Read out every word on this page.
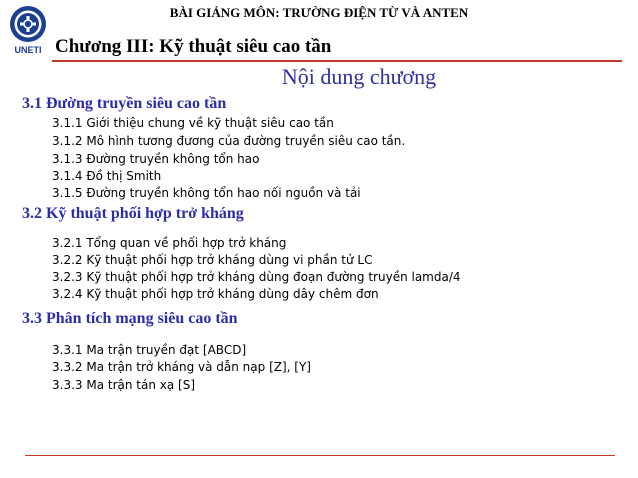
UNETI
BÀI GIẢNG MÔN: TRƯỜNG ĐIỆN TỪ VÀ ANTEN
Chương III: Kỹ thuật siêu cao tần
Nội dung chương
3.1 Đường truyền siêu cao tần
3.1.1 Giới thiệu chung về kỹ thuật siêu cao tần
3.1.2 Mô hình tương đương của đường truyền siêu cao tần.
3.1.3 Đường truyền không tổn hao
3.1.4 Đồ thị Smith
3.1.5 Đường truyền không tổn hao nối nguồn và tải
3.2 Kỹ thuật phối hợp trở kháng
3.2.1 Tổng quan về phối hợp trở kháng
3.2.2 Kỹ thuật phối hợp trở kháng dùng vi phần tử LC
3.2.3 Kỹ thuật phối hợp trở kháng dùng đoạn đường truyền lamda/4
3.2.4 Kỹ thuật phối hợp trở kháng dùng dây chêm đơn
3.3 Phân tích mạng siêu cao tần
3.3.1 Ma trận truyền đạt [ABCD]
3.3.2 Ma trận trở kháng và dẫn nạp [Z], [Y]
3.3.3 Ma trận tán xạ [S]
